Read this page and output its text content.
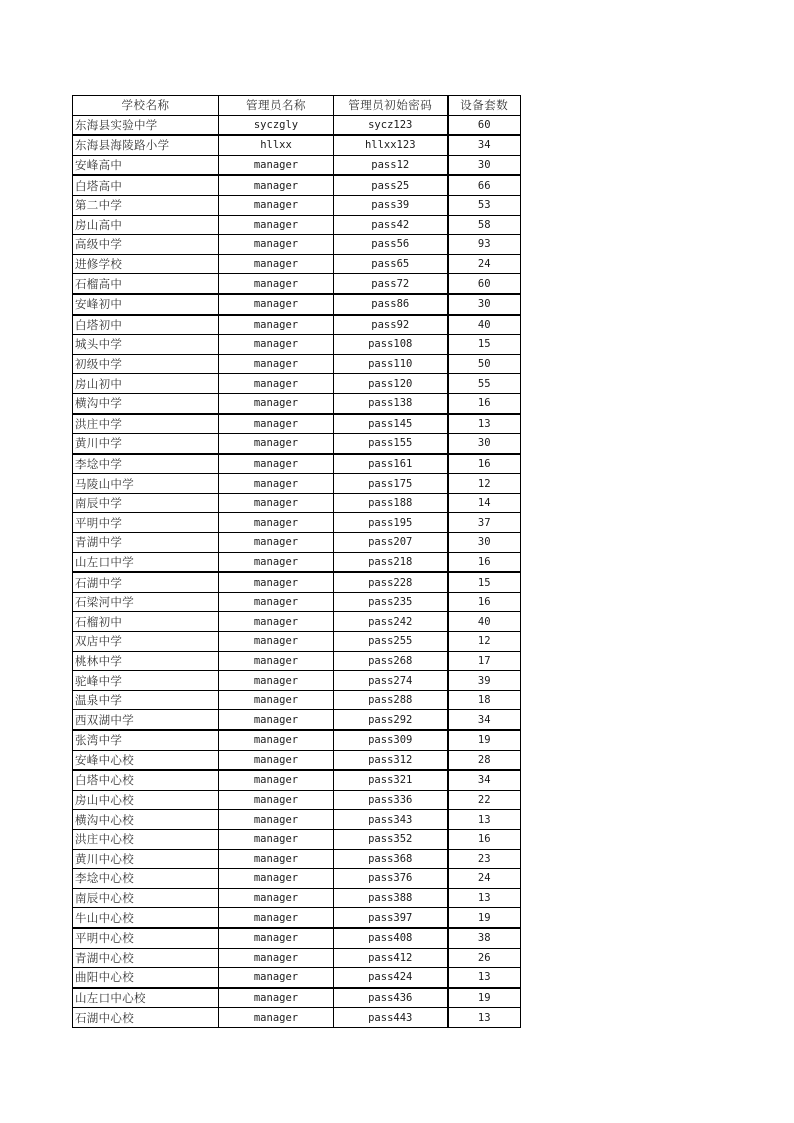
学校名称	管理员名称	管理员初始密码	设备套数
东海县实验中学	syczgly	sycz123	60
东海县海陵路小学	hllxx	hllxx123	34
安峰高中	manager	pass12	30
白塔高中	manager	pass25	66
第二中学	manager	pass39	53
房山高中	manager	pass42	58
高级中学	manager	pass56	93
进修学校	manager	pass65	24
石榴高中	manager	pass72	60
安峰初中	manager	pass86	30
白塔初中	manager	pass92	40
城头中学	manager	pass108	15
初级中学	manager	pass110	50
房山初中	manager	pass120	55
横沟中学	manager	pass138	16
洪庄中学	manager	pass145	13
黄川中学	manager	pass155	30
李埝中学	manager	pass161	16
马陵山中学	manager	pass175	12
南辰中学	manager	pass188	14
平明中学	manager	pass195	37
青湖中学	manager	pass207	30
山左口中学	manager	pass218	16
石湖中学	manager	pass228	15
石梁河中学	manager	pass235	16
石榴初中	manager	pass242	40
双店中学	manager	pass255	12
桃林中学	manager	pass268	17
驼峰中学	manager	pass274	39
温泉中学	manager	pass288	18
西双湖中学	manager	pass292	34
张湾中学	manager	pass309	19
安峰中心校	manager	pass312	28
白塔中心校	manager	pass321	34
房山中心校	manager	pass336	22
横沟中心校	manager	pass343	13
洪庄中心校	manager	pass352	16
黄川中心校	manager	pass368	23
李埝中心校	manager	pass376	24
南辰中心校	manager	pass388	13
牛山中心校	manager	pass397	19
平明中心校	manager	pass408	38
青湖中心校	manager	pass412	26
曲阳中心校	manager	pass424	13
山左口中心校	manager	pass436	19
石湖中心校	manager	pass443	13
